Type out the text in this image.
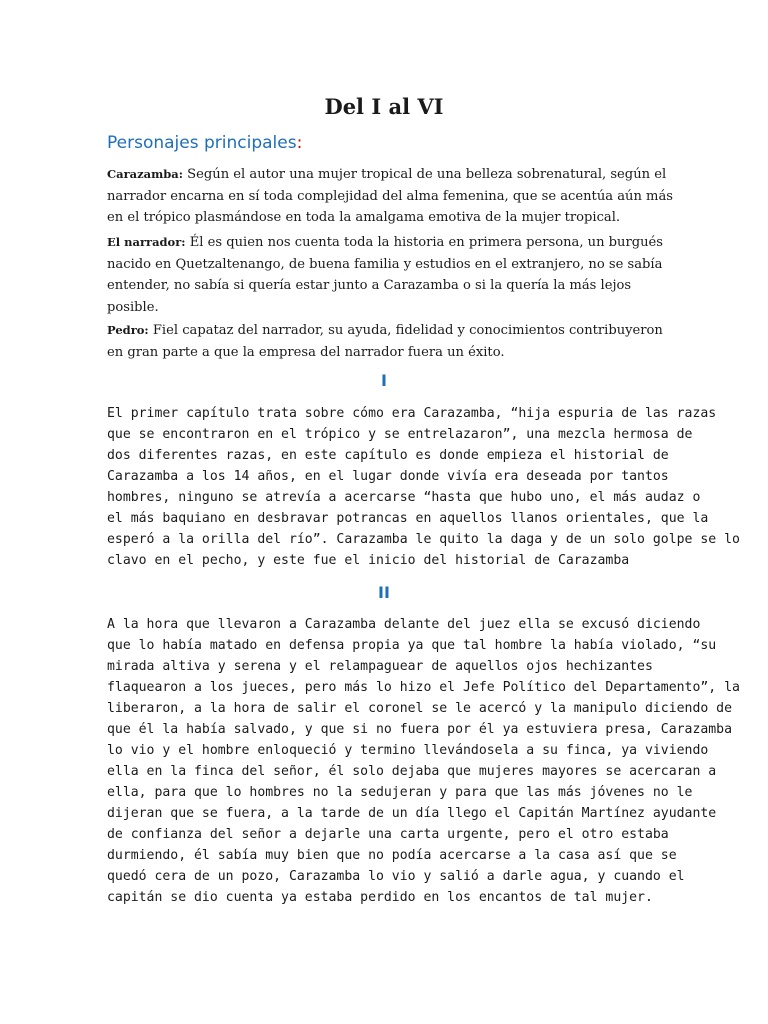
Del I al VI
Personajes principales:

Carazamba: Según el autor una mujer tropical de una belleza sobrenatural, según el
narrador encarna en sí toda complejidad del alma femenina, que se acentúa aún más
en el trópico plasmándose en toda la amalgama emotiva de la mujer tropical.

El narrador: Él es quien nos cuenta toda la historia en primera persona, un burgués
nacido en Quetzaltenango, de buena familia y estudios en el extranjero, no se sabía
entender, no sabía si quería estar junto a Carazamba o si la quería la más lejos
posible.

Pedro: Fiel capataz del narrador, su ayuda, fidelidad y conocimientos contribuyeron
en gran parte a que la empresa del narrador fuera un éxito.

I

El primer capítulo trata sobre cómo era Carazamba, “hija espuria de las razas
que se encontraron en el trópico y se entrelazaron”, una mezcla hermosa de
dos diferentes razas, en este capítulo es donde empieza el historial de
Carazamba a los 14 años, en el lugar donde vivía era deseada por tantos
hombres, ninguno se atrevía a acercarse “hasta que hubo uno, el más audaz o
el más baquiano en desbravar potrancas en aquellos llanos orientales, que la
esperó a la orilla del río”. Carazamba le quito la daga y de un solo golpe se lo
clavo en el pecho, y este fue el inicio del historial de Carazamba

II

A la hora que llevaron a Carazamba delante del juez ella se excusó diciendo
que lo había matado en defensa propia ya que tal hombre la había violado, “su
mirada altiva y serena y el relampaguear de aquellos ojos hechizantes
flaquearon a los jueces, pero más lo hizo el Jefe Político del Departamento”, la
liberaron, a la hora de salir el coronel se le acercó y la manipulo diciendo de
que él la había salvado, y que si no fuera por él ya estuviera presa, Carazamba
lo vio y el hombre enloqueció y termino llevándosela a su finca, ya viviendo
ella en la finca del señor, él solo dejaba que mujeres mayores se acercaran a
ella, para que lo hombres no la sedujeran y para que las más jóvenes no le
dijeran que se fuera, a la tarde de un día llego el Capitán Martínez ayudante
de confianza del señor a dejarle una carta urgente, pero el otro estaba
durmiendo, él sabía muy bien que no podía acercarse a la casa así que se
quedó cera de un pozo, Carazamba lo vio y salió a darle agua, y cuando el
capitán se dio cuenta ya estaba perdido en los encantos de tal mujer.
